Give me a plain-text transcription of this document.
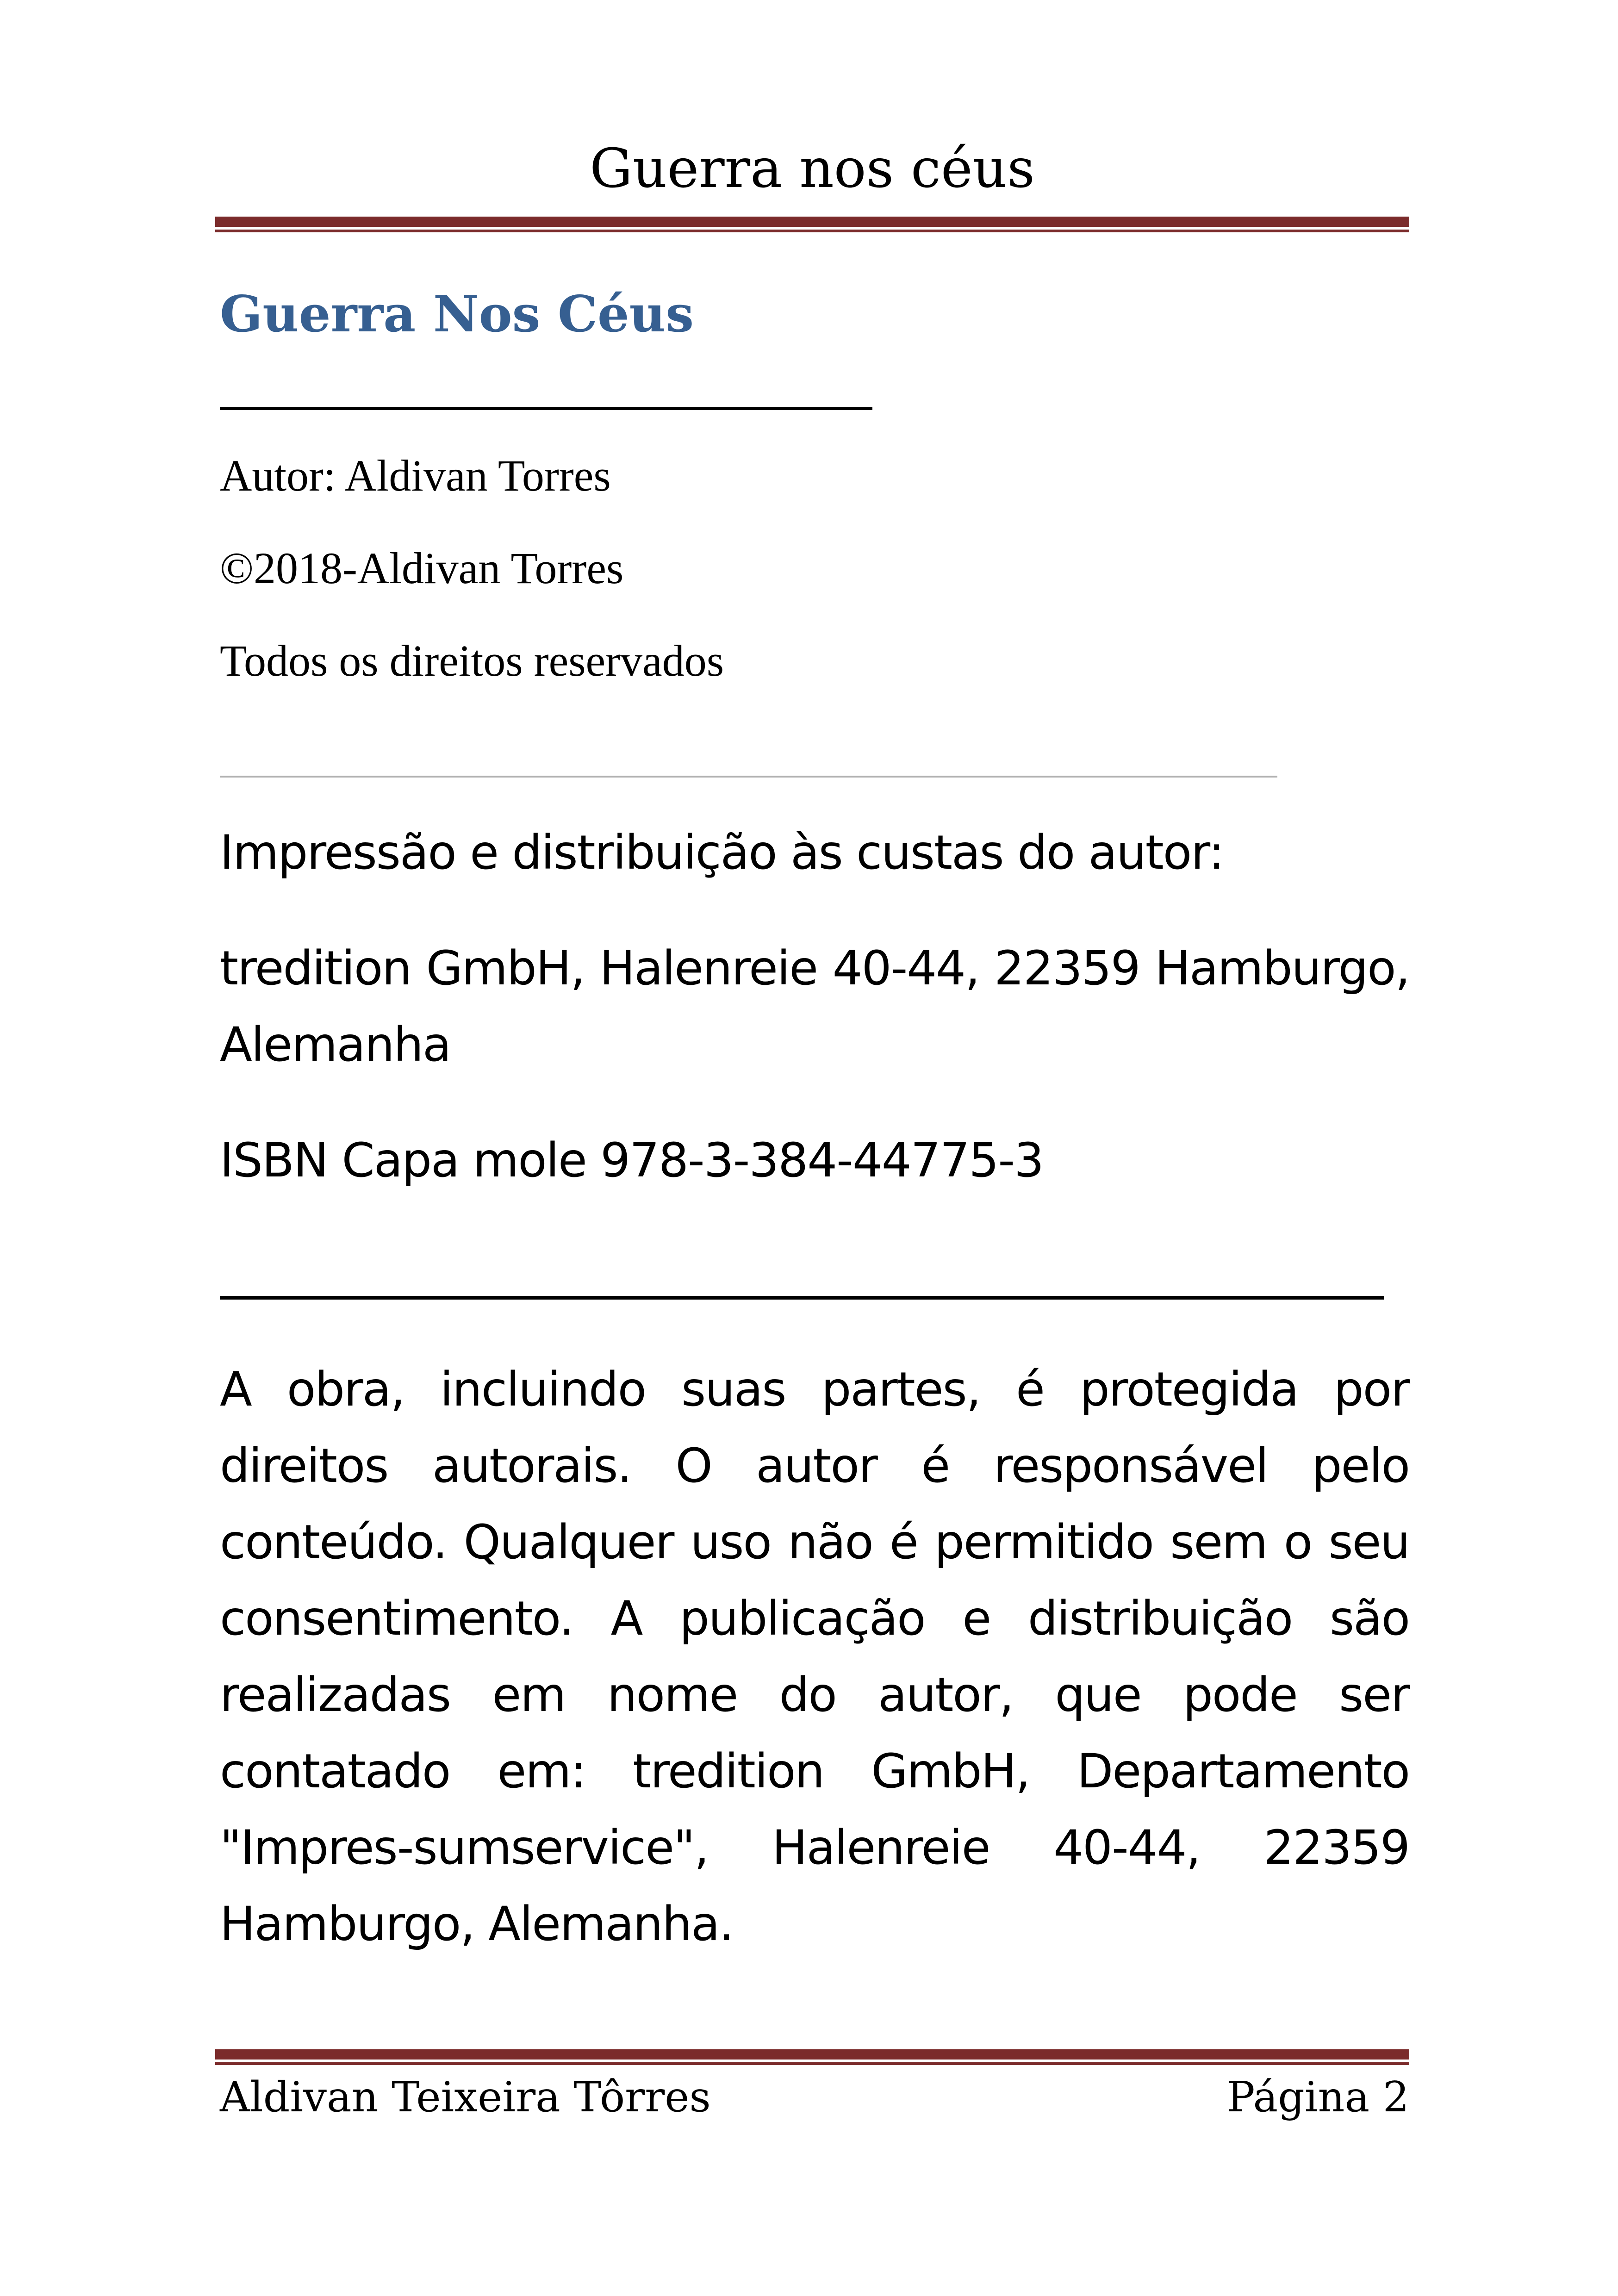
Guerra nos céus
Guerra Nos Céus
Autor: Aldivan Torres
©2018-Aldivan Torres
Todos os direitos reservados
Impressão e distribuição às custas do autor:
tredition GmbH, Halenreie 40-44, 22359 Hamburgo, Alemanha
ISBN Capa mole 978-3-384-44775-3
A obra, incluindo suas partes, é protegida por direitos autorais. O autor é responsável pelo conteúdo. Qualquer uso não é permitido sem o seu consentimento. A publicação e distribuição são realizadas em nome do autor, que pode ser contatado em: tredition GmbH, Departamento "Impres-sumservice", Halenreie 40-44, 22359 Hamburgo, Alemanha.
Aldivan Teixeira Tôrres	Página 2
